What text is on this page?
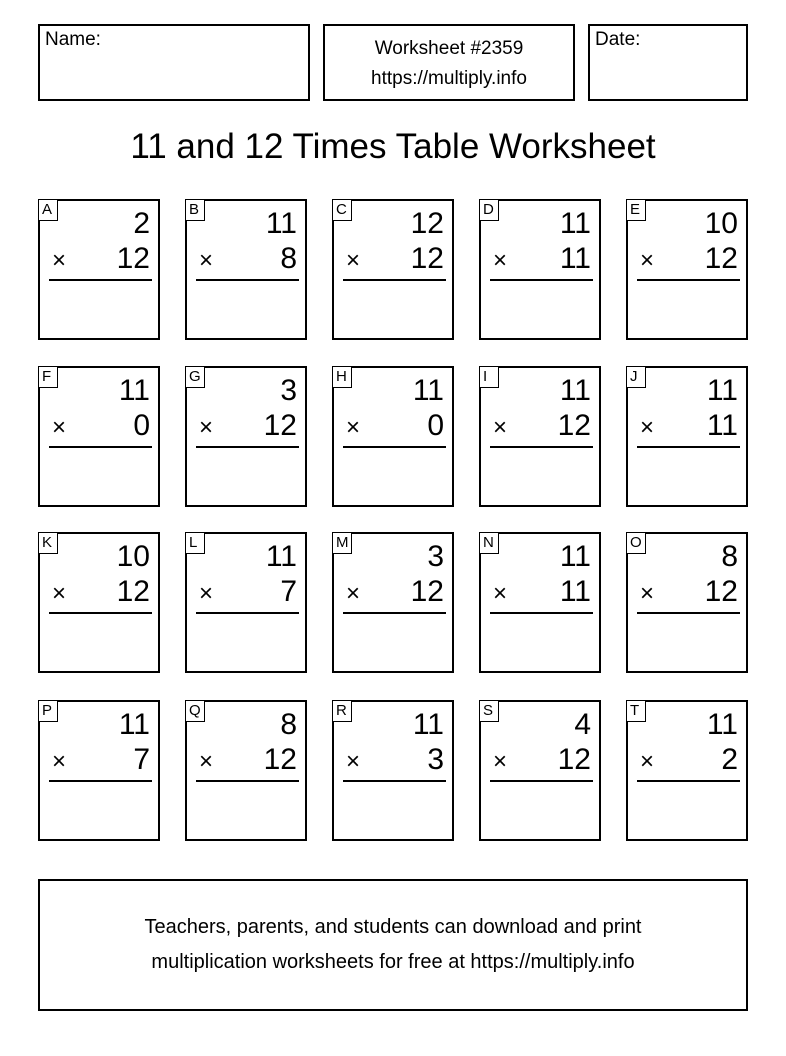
Name:	Worksheet #2359
https://multiply.info
Date:
11 and 12 Times Table Worksheet
A	2
× 12
B 11
× 8
C 12
× 12
D 11
× 11
E 10
× 12
F 11
× 0
G	3
× 12
H 11
× 0
I	11
× 12
J 11
× 11
K 10
× 12
L 11
× 7
M	3
× 12
N 11
× 11
O	8
× 12
P 11
× 7
Q	8
× 12
R 11
× 3
S	4
× 12
T 11
× 2
Teachers, parents, and students can download and print
multiplication worksheets for free at https://multiply.info
